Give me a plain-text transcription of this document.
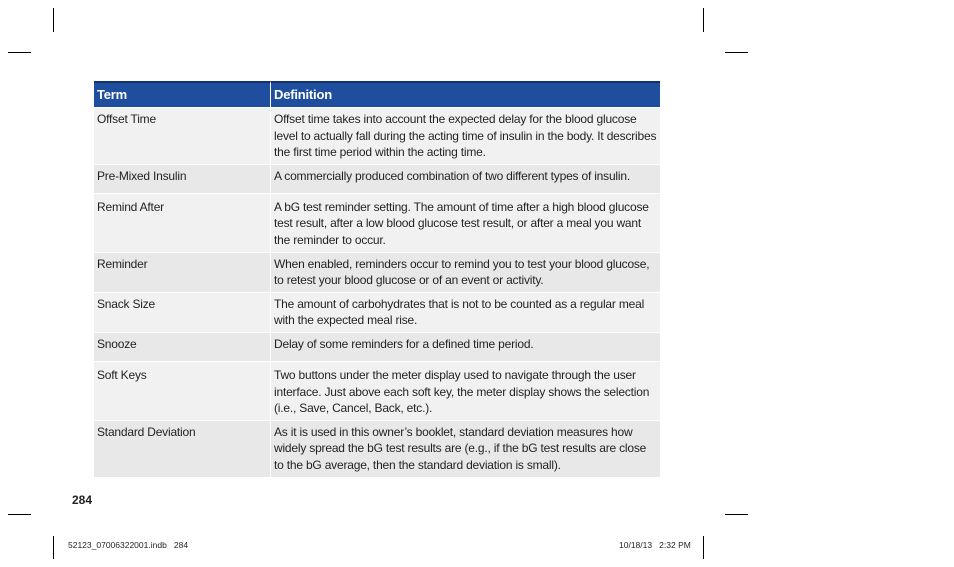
Term	Definition
Offset Time	Offset time takes into account the expected delay for the blood glucose level to actually fall during the acting time of insulin in the body. It describes the first time period within the acting time.
Pre-Mixed Insulin	A commercially produced combination of two different types of insulin.
Remind After	A bG test reminder setting. The amount of time after a high blood glucose test result, after a low blood glucose test result, or after a meal you want the reminder to occur.
Reminder	When enabled, reminders occur to remind you to test your blood glucose, to retest your blood glucose or of an event or activity.
Snack Size	The amount of carbohydrates that is not to be counted as a regular meal with the expected meal rise.
Snooze	Delay of some reminders for a defined time period.
Soft Keys	Two buttons under the meter display used to navigate through the user interface. Just above each soft key, the meter display shows the selection (i.e., Save, Cancel, Back, etc.).
Standard Deviation	As it is used in this owner’s booklet, standard deviation measures how widely spread the bG test results are (e.g., if the bG test results are close to the bG average, then the standard deviation is small).
284
52123_07006322001.indb   284	10/18/13   2:32 PM
